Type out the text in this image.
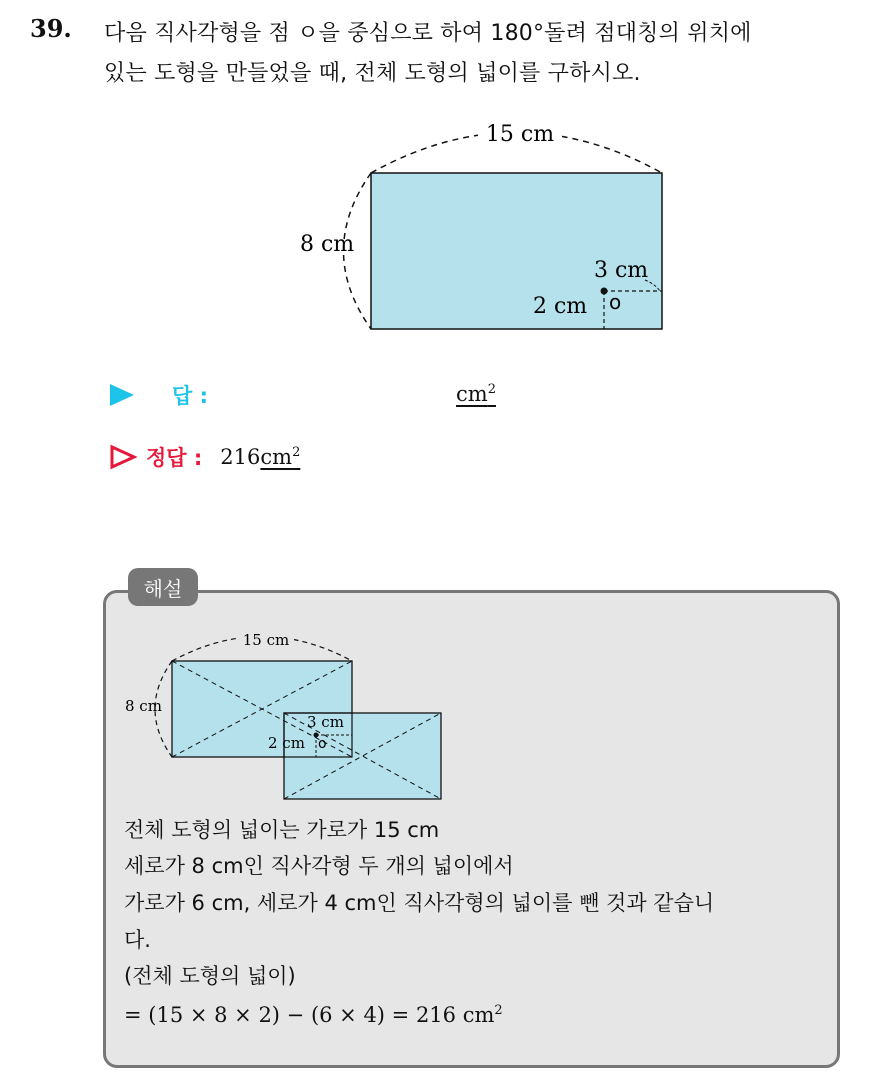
39. 다음 직사각형을 점 ㅇ을 중심으로 하여 180°돌려 점대칭의 위치에
있는 도형을 만들었을 때, 전체 도형의 넓이를 구하시오.
15 cm
8 cm
3 cm
2 cm o
답 :	$cm^2$
정답 : 216 $cm^2$
해설
15 cm
8 cm
3 cm
2 cm o
전체 도형의 넓이는 가로가 15 cm
세로가 8 cm인 직사각형 두 개의 넓이에서
가로가 6 cm, 세로가 4 cm인 직사각형의 넓이를 뺀 것과 같습니
다.
(전체 도형의 넓이)
= (15 × 8 × 2) − (6 × 4) = 216 $cm^2$
